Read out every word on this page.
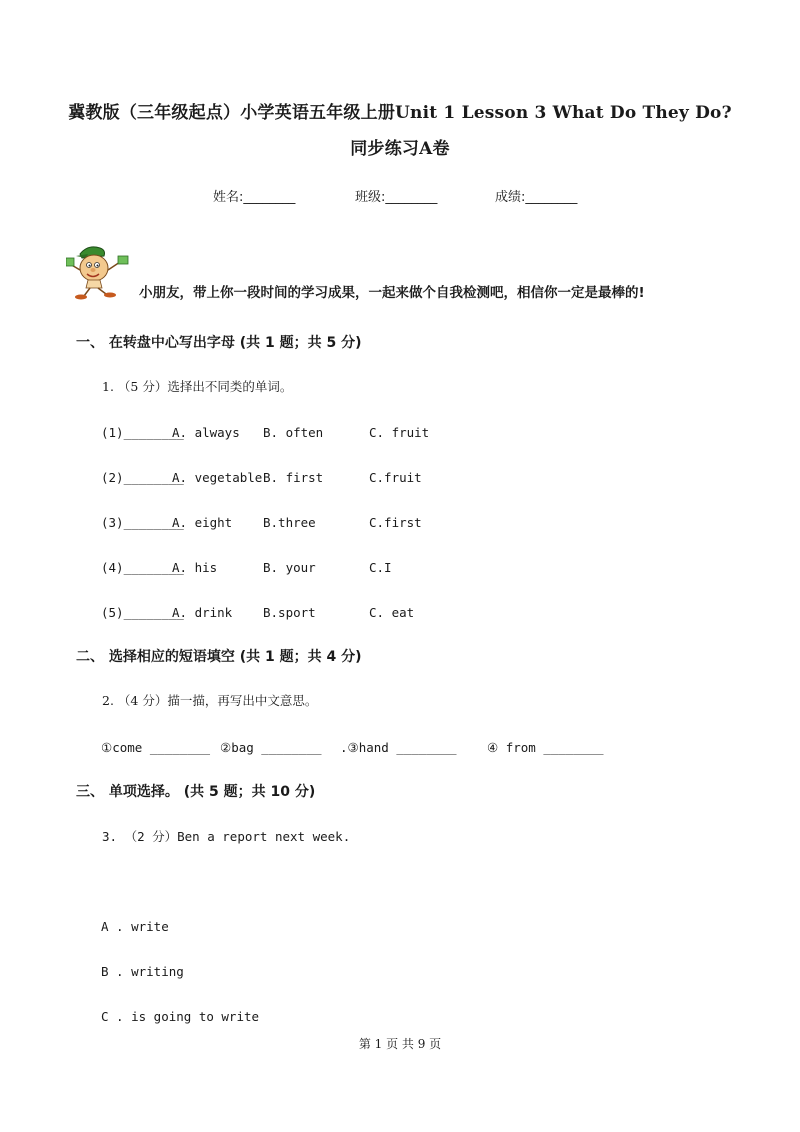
冀教版（三年级起点）小学英语五年级上册Unit 1 Lesson 3 What Do They Do?
同步练习A卷
姓名:________	班级:________	成绩:________
小朋友，带上你一段时间的学习成果，一起来做个自我检测吧，相信你一定是最棒的!
一、 在转盘中心写出字母 (共 1 题；共 5 分)
1. （5 分）选择出不同类的单词。
(1)________
A. always B. often	C. fruit
(2)________
A. vegetable B. first	C.fruit
(3)________
A. eight B.three	C.first
(4)________
A. his	B. your	C.I
(5)________
A. drink B.sport	C. eat
二、 选择相应的短语填空 (共 1 题；共 4 分)
2. （4 分）描一描，再写出中文意思。
①come ________ ②bag ________ .③hand ________ ④ from ________
三、 单项选择。 (共 5 题；共 10 分)
3. （2 分）Ben a report next week.
A . write
B . writing
C . is going to write
第 1 页 共 9 页
